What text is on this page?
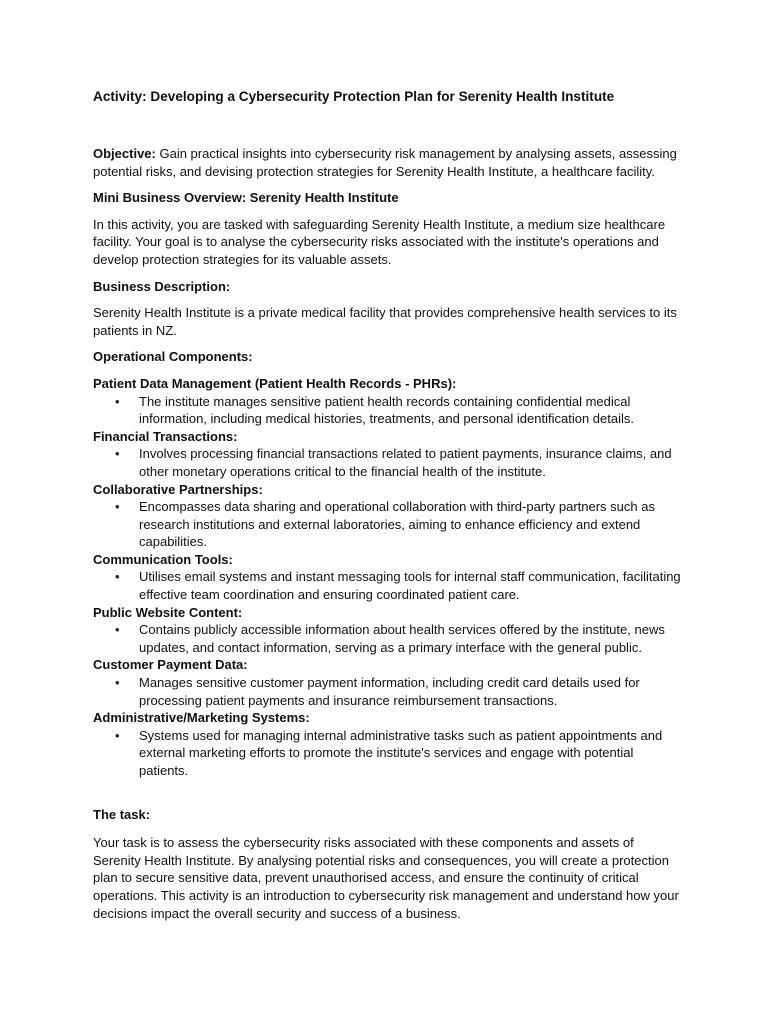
Activity: Developing a Cybersecurity Protection Plan for Serenity Health Institute

Objective: Gain practical insights into cybersecurity risk management by analysing assets, assessing potential risks, and devising protection strategies for Serenity Health Institute, a healthcare facility.

Mini Business Overview: Serenity Health Institute

In this activity, you are tasked with safeguarding Serenity Health Institute, a medium size healthcare facility. Your goal is to analyse the cybersecurity risks associated with the institute's operations and develop protection strategies for its valuable assets.

Business Description:

Serenity Health Institute is a private medical facility that provides comprehensive health services to its patients in NZ.

Operational Components:

Patient Data Management (Patient Health Records - PHRs):
• The institute manages sensitive patient health records containing confidential medical information, including medical histories, treatments, and personal identification details.
Financial Transactions:
• Involves processing financial transactions related to patient payments, insurance claims, and other monetary operations critical to the financial health of the institute.
Collaborative Partnerships:
• Encompasses data sharing and operational collaboration with third-party partners such as research institutions and external laboratories, aiming to enhance efficiency and extend capabilities.
Communication Tools:
• Utilises email systems and instant messaging tools for internal staff communication, facilitating effective team coordination and ensuring coordinated patient care.
Public Website Content:
• Contains publicly accessible information about health services offered by the institute, news updates, and contact information, serving as a primary interface with the general public.
Customer Payment Data:
• Manages sensitive customer payment information, including credit card details used for processing patient payments and insurance reimbursement transactions.
Administrative/Marketing Systems:
• Systems used for managing internal administrative tasks such as patient appointments and external marketing efforts to promote the institute's services and engage with potential patients.

The task:

Your task is to assess the cybersecurity risks associated with these components and assets of Serenity Health Institute. By analysing potential risks and consequences, you will create a protection plan to secure sensitive data, prevent unauthorised access, and ensure the continuity of critical operations. This activity is an introduction to cybersecurity risk management and understand how your decisions impact the overall security and success of a business.
